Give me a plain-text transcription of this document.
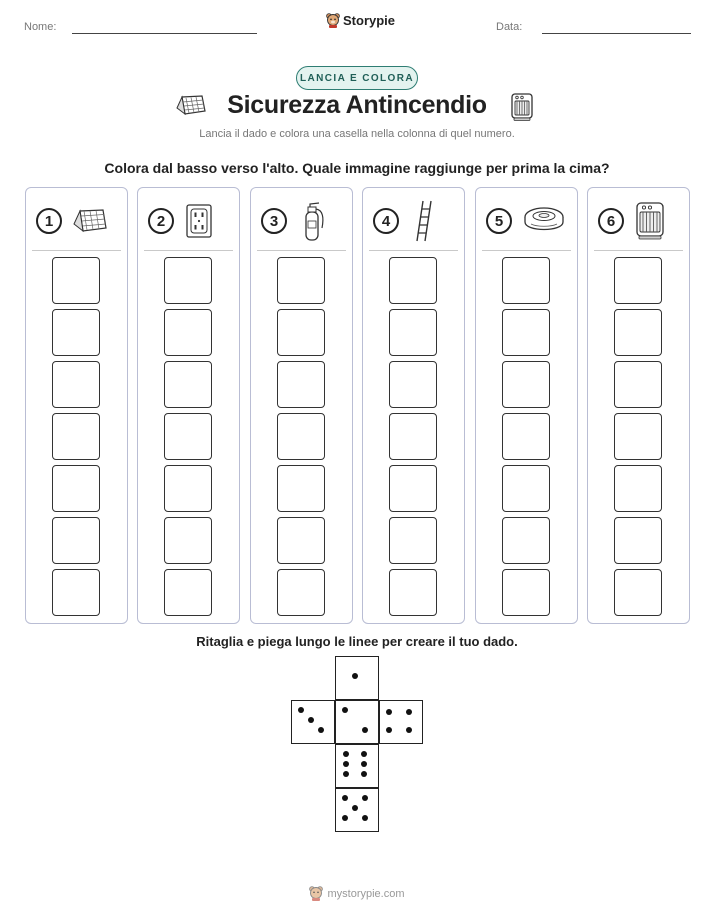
Nome:	Storypie	Data:
LANCIA E COLORA
Sicurezza Antincendio
Lancia il dado e colora una casella nella colonna di quel numero.
Colora dal basso verso l'alto. Quale immagine raggiunge per prima la cima?
1	2	3	4	5	6
Ritaglia e piega lungo le linee per creare il tuo dado.
mystorypie.com
